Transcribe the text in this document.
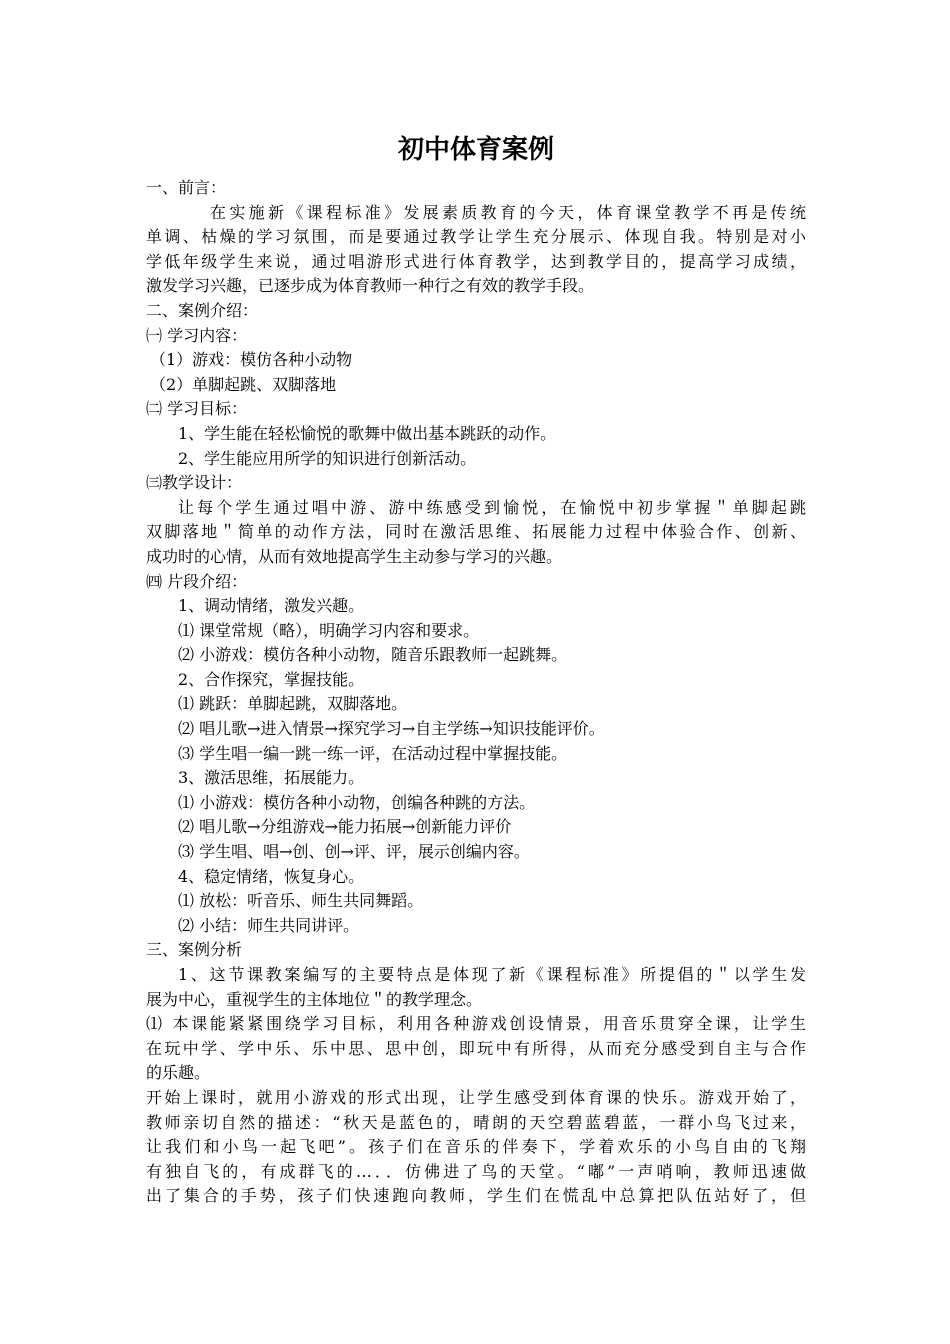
初中体育案例
一、前言：
在实施新《课程标准》发展素质教育的今天，体育课堂教学不再是传统
单调、枯燥的学习氛围，而是要通过教学让学生充分展示、体现自我。特别是对小
学低年级学生来说，通过唱游形式进行体育教学，达到教学目的，提高学习成绩，
激发学习兴趣，已逐步成为体育教师一种行之有效的教学手段。
二、案例介绍：
㈠ 学习内容：
（1）游戏：模仿各种小动物
（2）单脚起跳、双脚落地
㈡ 学习目标：
1、学生能在轻松愉悦的歌舞中做出基本跳跃的动作。
2、学生能应用所学的知识进行创新活动。
㈢教学设计：
让每个学生通过唱中游、游中练感受到愉悦，在愉悦中初步掌握＂单脚起跳
双脚落地＂简单的动作方法，同时在激活思维、拓展能力过程中体验合作、创新、
成功时的心情，从而有效地提高学生主动参与学习的兴趣。
㈣ 片段介绍：
1、调动情绪，激发兴趣。
⑴ 课堂常规（略），明确学习内容和要求。
⑵ 小游戏：模仿各种小动物，随音乐跟教师一起跳舞。
2、合作探究，掌握技能。
⑴ 跳跃：单脚起跳，双脚落地。
⑵ 唱儿歌→进入情景→探究学习→自主学练→知识技能评价。
⑶ 学生唱一编一跳一练一评，在活动过程中掌握技能。
3、激活思维，拓展能力。
⑴ 小游戏：模仿各种小动物，创编各种跳的方法。
⑵ 唱儿歌→分组游戏→能力拓展→创新能力评价
⑶ 学生唱、唱→创、创→评、评，展示创编内容。
4、稳定情绪，恢复身心。
⑴ 放松：听音乐、师生共同舞蹈。
⑵ 小结：师生共同讲评。
三、案例分析
1、这节课教案编写的主要特点是体现了新《课程标准》所提倡的＂以学生发
展为中心，重视学生的主体地位＂的教学理念。
⑴ 本课能紧紧围绕学习目标，利用各种游戏创设情景，用音乐贯穿全课，让学生
在玩中学、学中乐、乐中思、思中创，即玩中有所得，从而充分感受到自主与合作
的乐趣。
开始上课时，就用小游戏的形式出现，让学生感受到体育课的快乐。游戏开始了，
教师亲切自然的描述：“秋天是蓝色的，晴朗的天空碧蓝碧蓝，一群小鸟飞过来，
让我们和小鸟一起飞吧”。孩子们在音乐的伴奏下，学着欢乐的小鸟自由的飞翔
有独自飞的，有成群飞的…．．仿佛进了鸟的天堂。“嘟”一声哨响，教师迅速做
出了集合的手势，孩子们快速跑向教师，学生们在慌乱中总算把队伍站好了，但
